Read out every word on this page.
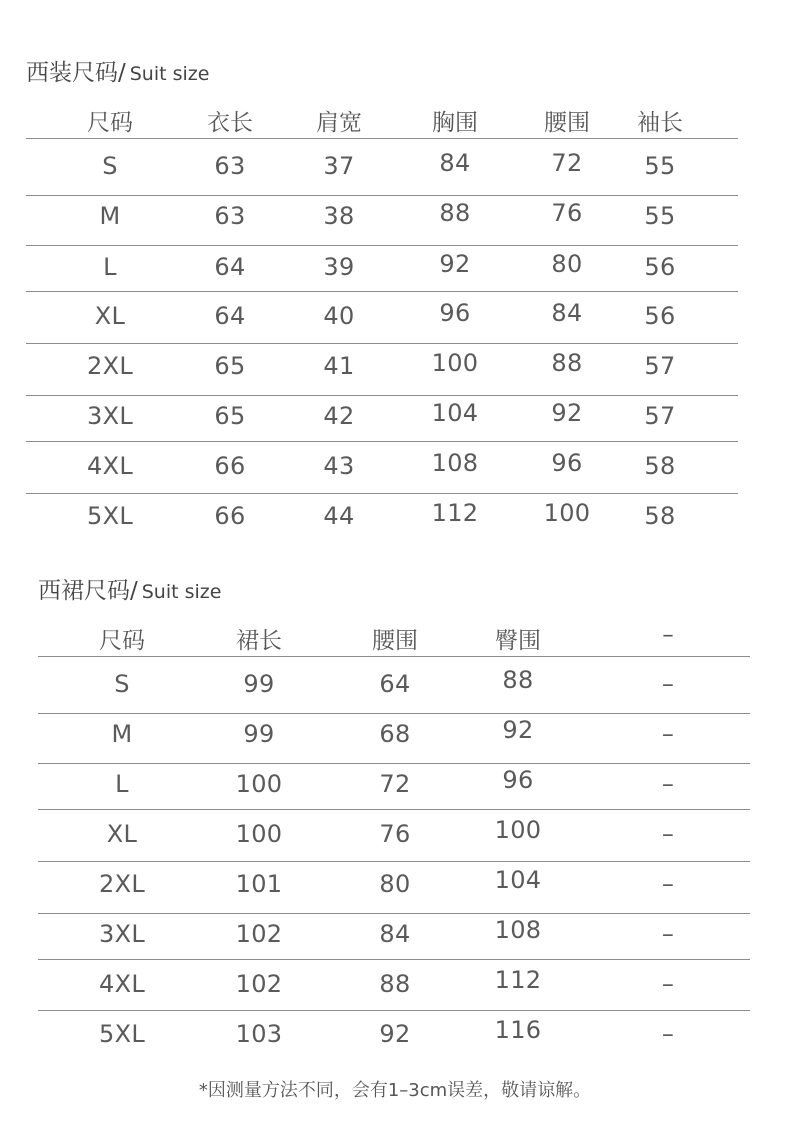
西装尺码/ Suit size
尺码	衣长	肩宽	胸围	腰围 袖长
S	63	37	84	72	55
M	63	38	88	76	55
L	64	39	92	80	56
XL	64	40	96	84	56
2XL	65	41	100	88	57
3XL	65	42	104	92	57
4XL	66	43	108	96	58
5XL	66	44	112	100 58
西裙尺码/ Suit size
尺码	裙长	腰围	臀围	–
S	99	64	88	–
M	99	68	92	–
L	100	72	96	–
XL	100	76	100	–
2XL	101	80	104	–
3XL	102	84	108	–
4XL	102	88	112	–
5XL	103	92	116	–
*因测量方法不同，会有1–3cm误差，敬请谅解。
